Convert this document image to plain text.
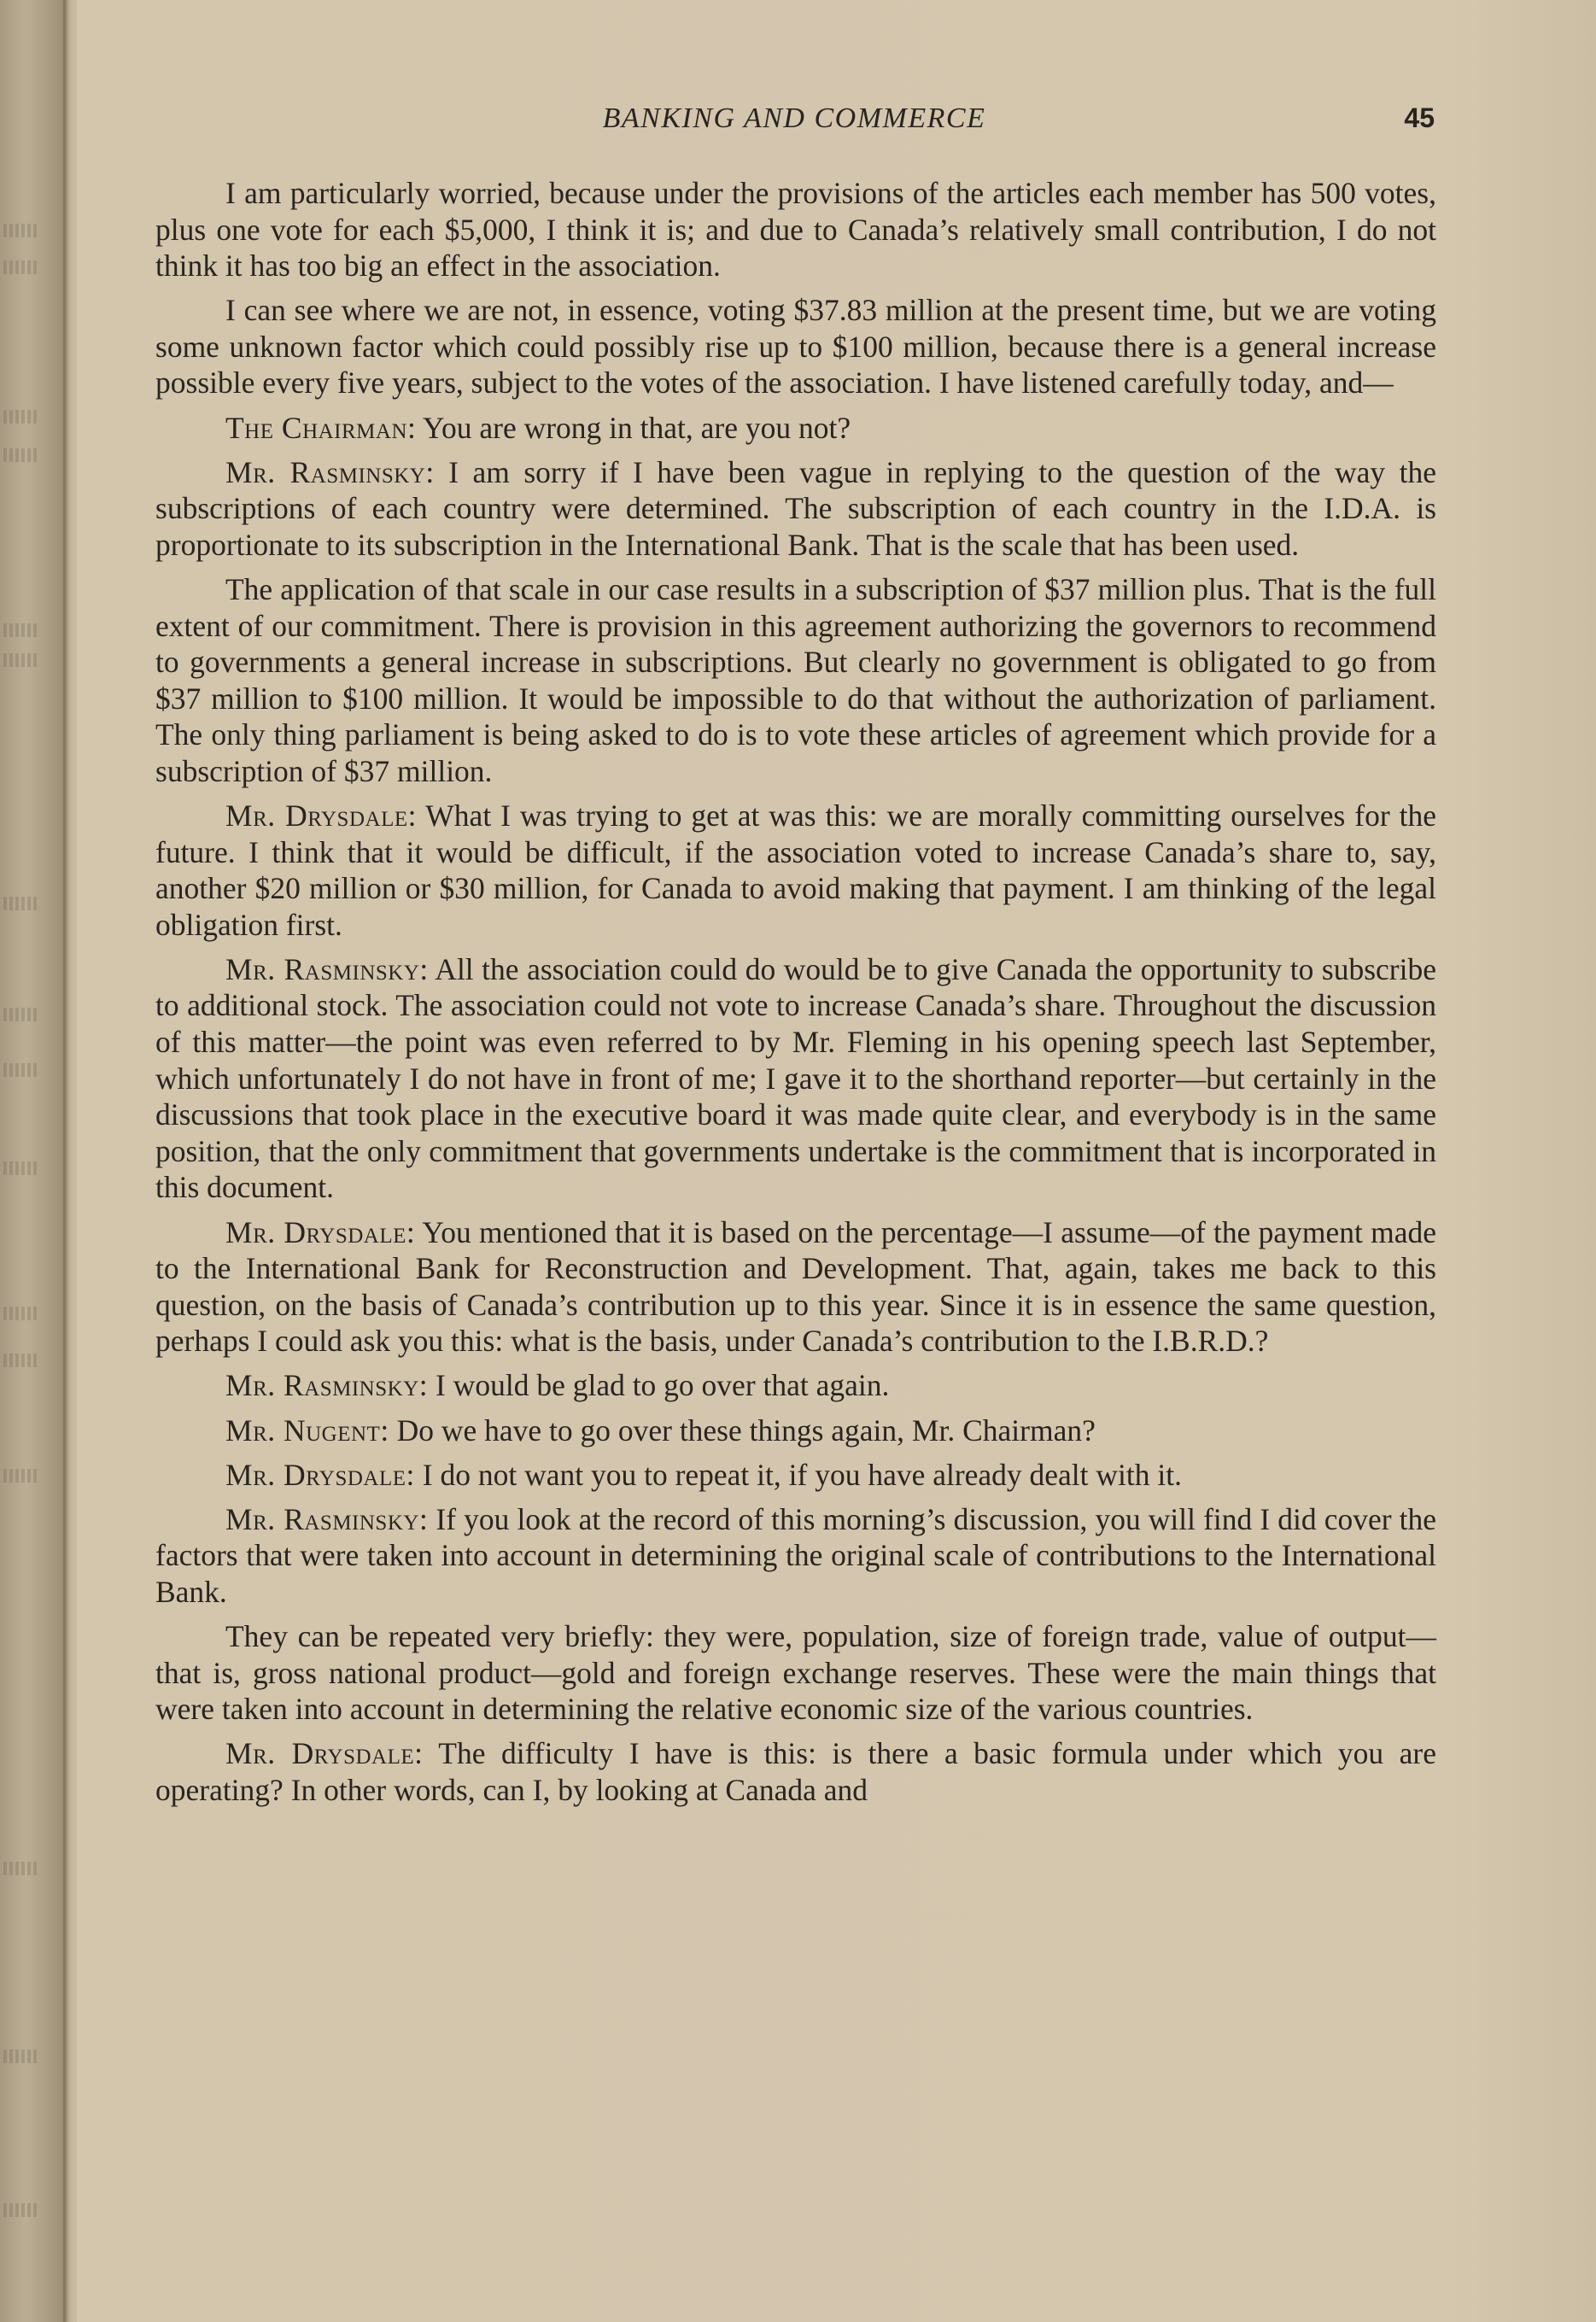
BANKING AND COMMERCE	45

I am particularly worried, because under the provisions of the articles each member has 500 votes, plus one vote for each $5,000, I think it is; and due to Canada’s relatively small contribution, I do not think it has too big an effect in the association.

I can see where we are not, in essence, voting $37.83 million at the present time, but we are voting some unknown factor which could possibly rise up to $100 million, because there is a general increase possible every five years, subject to the votes of the association. I have listened carefully today, and—

The Chairman: You are wrong in that, are you not?

Mr. Rasminsky: I am sorry if I have been vague in replying to the question of the way the subscriptions of each country were determined. The subscription of each country in the I.D.A. is proportionate to its subscription in the International Bank. That is the scale that has been used.

The application of that scale in our case results in a subscription of $37 million plus. That is the full extent of our commitment. There is provision in this agreement authorizing the governors to recommend to governments a general increase in subscriptions. But clearly no government is obligated to go from $37 million to $100 million. It would be impossible to do that without the authorization of parliament. The only thing parliament is being asked to do is to vote these articles of agreement which provide for a subscription of $37 million.

Mr. Drysdale: What I was trying to get at was this: we are morally committing ourselves for the future. I think that it would be difficult, if the association voted to increase Canada’s share to, say, another $20 million or $30 million, for Canada to avoid making that payment. I am thinking of the legal obligation first.

Mr. Rasminsky: All the association could do would be to give Canada the opportunity to subscribe to additional stock. The association could not vote to increase Canada’s share. Throughout the discussion of this matter—the point was even referred to by Mr. Fleming in his opening speech last September, which unfortunately I do not have in front of me; I gave it to the shorthand reporter—but certainly in the discussions that took place in the executive board it was made quite clear, and everybody is in the same position, that the only commitment that governments undertake is the commitment that is incorporated in this document.

Mr. Drysdale: You mentioned that it is based on the percentage—I assume—of the payment made to the International Bank for Reconstruction and Development. That, again, takes me back to this question, on the basis of Canada’s contribution up to this year. Since it is in essence the same question, perhaps I could ask you this: what is the basis, under Canada’s contribution to the I.B.R.D.?

Mr. Rasminsky: I would be glad to go over that again.

Mr. Nugent: Do we have to go over these things again, Mr. Chairman?

Mr. Drysdale: I do not want you to repeat it, if you have already dealt with it.

Mr. Rasminsky: If you look at the record of this morning’s discussion, you will find I did cover the factors that were taken into account in determining the original scale of contributions to the International Bank.

They can be repeated very briefly: they were, population, size of foreign trade, value of output—that is, gross national product—gold and foreign exchange reserves. These were the main things that were taken into account in determining the relative economic size of the various countries.

Mr. Drysdale: The difficulty I have is this: is there a basic formula under which you are operating? In other words, can I, by looking at Canada and
